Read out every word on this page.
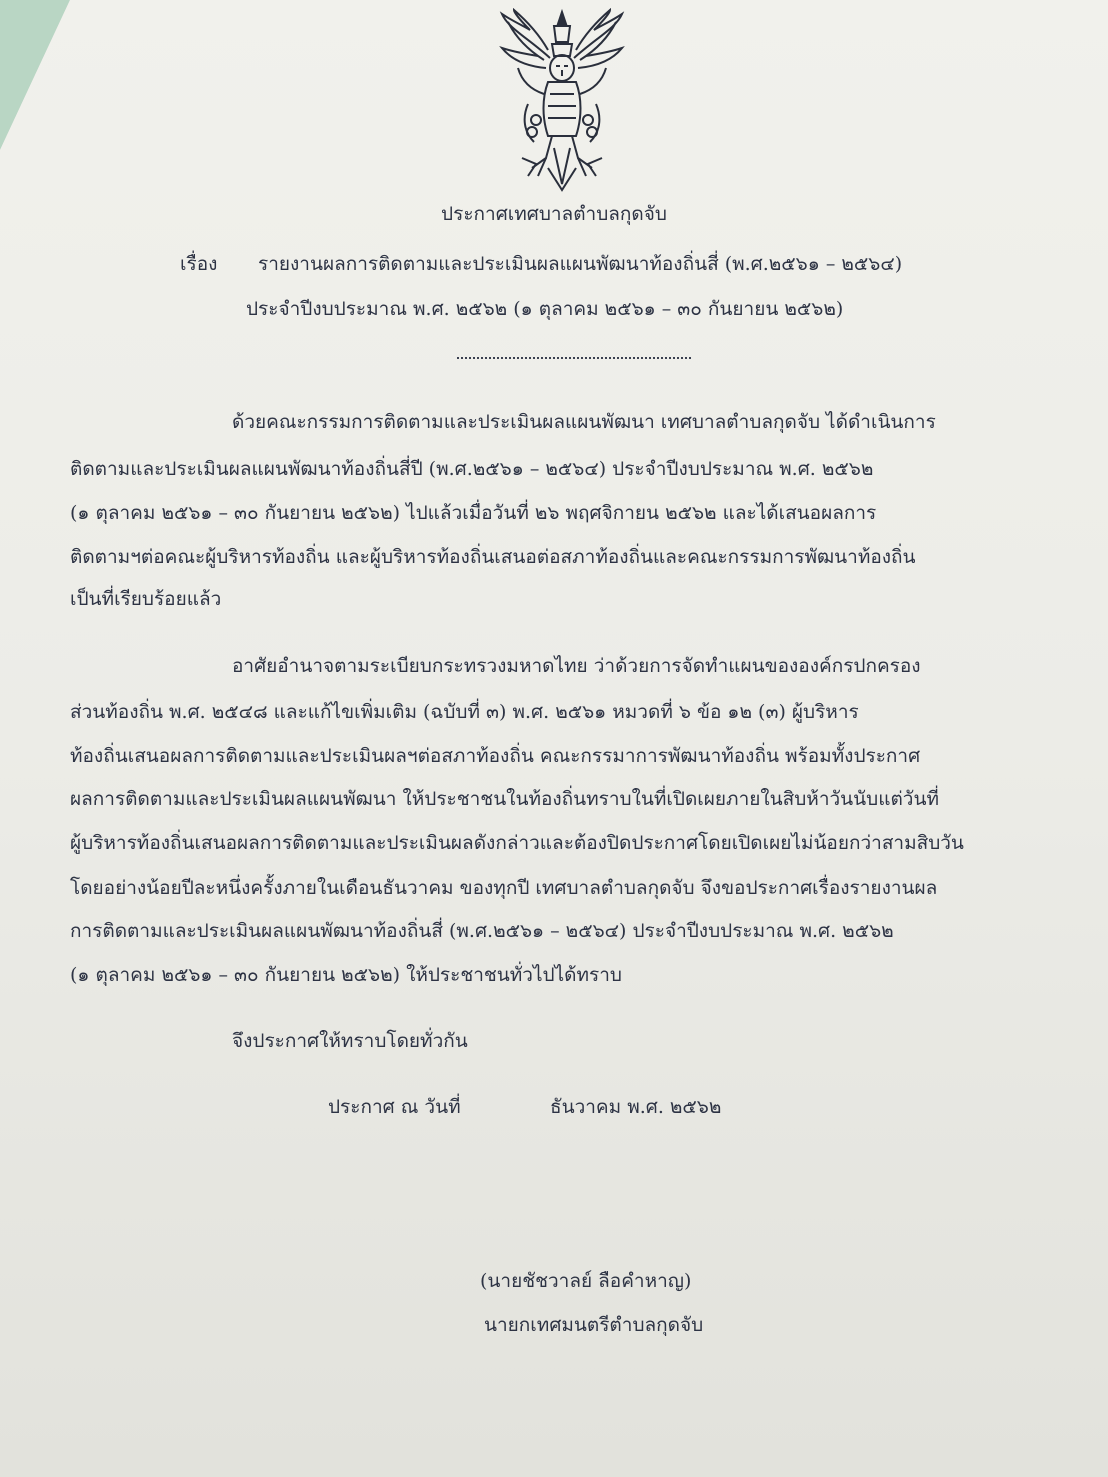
ประกาศเทศบาลตำบลกุดจับ
เรื่อง รายงานผลการติดตามและประเมินผลแผนพัฒนาท้องถิ่นสี่ (พ.ศ.๒๕๖๑ – ๒๕๖๔)
ประจำปีงบประมาณ พ.ศ. ๒๕๖๒ (๑ ตุลาคม ๒๕๖๑ – ๓๐ กันยายน ๒๕๖๒)
ด้วยคณะกรรมการติดตามและประเมินผลแผนพัฒนา เทศบาลตำบลกุดจับ ได้ดำเนินการ
ติดตามและประเมินผลแผนพัฒนาท้องถิ่นสี่ปี (พ.ศ.๒๕๖๑ – ๒๕๖๔) ประจำปีงบประมาณ พ.ศ. ๒๕๖๒
(๑ ตุลาคม ๒๕๖๑ – ๓๐ กันยายน ๒๕๖๒) ไปแล้วเมื่อวันที่ ๒๖ พฤศจิกายน ๒๕๖๒ และได้เสนอผลการ
ติดตามฯต่อคณะผู้บริหารท้องถิ่น และผู้บริหารท้องถิ่นเสนอต่อสภาท้องถิ่นและคณะกรรมการพัฒนาท้องถิ่น
เป็นที่เรียบร้อยแล้ว
อาศัยอำนาจตามระเบียบกระทรวงมหาดไทย ว่าด้วยการจัดทำแผนขององค์กรปกครอง
ส่วนท้องถิ่น พ.ศ. ๒๕๔๘ และแก้ไขเพิ่มเติม (ฉบับที่ ๓) พ.ศ. ๒๕๖๑ หมวดที่ ๖ ข้อ ๑๒ (๓) ผู้บริหาร
ท้องถิ่นเสนอผลการติดตามและประเมินผลฯต่อสภาท้องถิ่น คณะกรรมาการพัฒนาท้องถิ่น พร้อมทั้งประกาศ
ผลการติดตามและประเมินผลแผนพัฒนา ให้ประชาชนในท้องถิ่นทราบในที่เปิดเผยภายในสิบห้าวันนับแต่วันที่
ผู้บริหารท้องถิ่นเสนอผลการติดตามและประเมินผลดังกล่าวและต้องปิดประกาศโดยเปิดเผยไม่น้อยกว่าสามสิบวัน
โดยอย่างน้อยปีละหนึ่งครั้งภายในเดือนธันวาคม ของทุกปี เทศบาลตำบลกุดจับ จึงขอประกาศเรื่องรายงานผล
การติดตามและประเมินผลแผนพัฒนาท้องถิ่นสี่ (พ.ศ.๒๕๖๑ – ๒๕๖๔) ประจำปีงบประมาณ พ.ศ. ๒๕๖๒
(๑ ตุลาคม ๒๕๖๑ – ๓๐ กันยายน ๒๕๖๒) ให้ประชาชนทั่วไปได้ทราบ
จึงประกาศให้ทราบโดยทั่วกัน
ประกาศ ณ วันที่	ธันวาคม พ.ศ. ๒๕๖๒
(นายชัชวาลย์ ลือคำหาญ)
นายกเทศมนตรีตำบลกุดจับ
